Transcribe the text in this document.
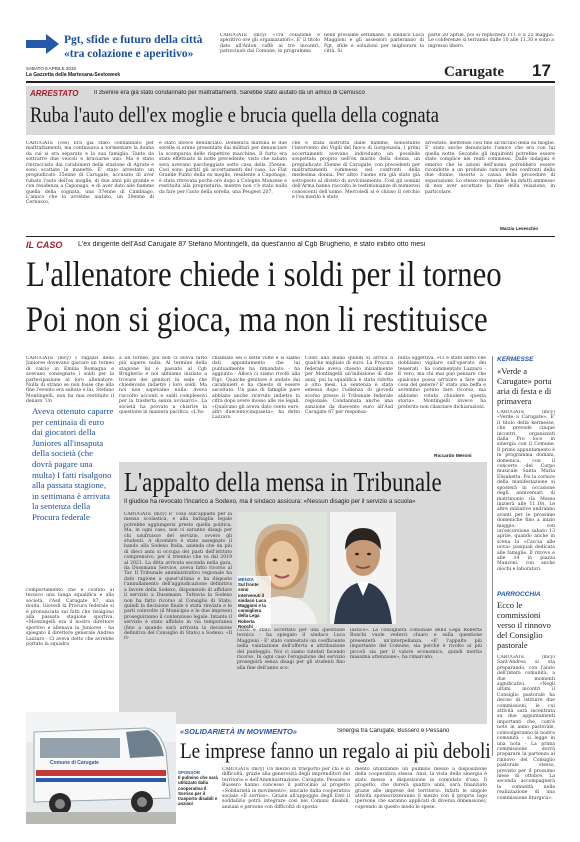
Pgt, sfide e futuro della città
«tra colazione e aperitivo»
CARUGATE (mcy) «Tra colazione e aperitivo ore gli organizzatori». E' il titolo dato all'Anton caffè ai tre incontri, patrocinati dal Comune, in programma
nelle prossime settimane. Il sindaco Luca Maggioni e gli assessori parleranno di Pgt, sfide e soluzioni per migliorare la città. Si
parte 20 aprile, poi si replicherà l'11 e il 25 maggio. Le conferenze si terranno dalle 10 alle 11.30 e sono a ingresso libero.
SABATO 6 APRILE 2019
La Gazzetta della Martesana-Sestoweek	Carugate 17
ARRESTATO	Il 35enne era già stato condannato per maltrattamenti. Sarebbe stato aiutato da un amico di Cernusco
Ruba l'auto dell'ex moglie e brucia quella della cognata
CARUGATE (ces) Era già stato condannato per maltrattamenti, ma continuava a tormentare la donna da cui si era separato e la sua famiglia. Tanto da sottrarre due veicoli e bruciarne uno. Ma è stato rintracciato dai carabinieri della stazione di Agrate e sono scattate le manette. E' stato arrestato un pregiudicato 35enne di Carugate, accusato di aver rubato l'auto dell'ex moglie, di due anni più grande e con residenza a Caponago, e di aver dato alle fiamme quella della cognata, una 37enne di Cambiago. L'amico che lo avrebbe aiutato, un 30enne di Cernusco,
è stato invece denunciato. Domenica mattina le due sorelle si erano presentate dai militari per denunciare la scomparsa delle rispettive macchine. Il furto era stato effettuato la notte precedente, visto che sabato sera avevano parcheggiato sotto casa della 35enne. Così sono partiti gli accertamenti del caso. La Fiat Grande Punto della ex moglie, residente a Caponago, è stata ritrovata poche ore dopo a Cologno Monzese e restituita alla proprietaria, mentre non c'è stato nulla da fare per l'auto della sorella, una Peugeot 207,
che è stata distrutta dalle fiamme, nonostante l'intervento dei Vigili del fuoco di Gorgonzola. I primi accertamenti avevano individuato un possibile sospettato proprio nell'ex marito della donna, un pregiudicato 35enne di Carugate, con precedenti per maltrattamenti commessi nel confronti della medesima donna. Per altro l'uomo era già stato già sottoposto al divieto di avvicinamento. Così gli uomini dell'Arma hanno raccolto le testimonianze di numerosi conoscenti dell'uomo. Mercoledì si è chiuso il cerchio e l'ex marito è stato
arrestato, mettendo così fine all'incubo della ex moglie. E' stato anche denunciato l'amico che era con lui quella notte. Secondo gli inquirenti potrebbe essere stato complice nei reati commessi. Dalle indagini è emerso che le azioni dell'uomo potrebbero essere ricondotte a un profondo rancore nei confronti della due donne, insorto a causa delle procedure di separazione. Lo stesso responsabile ha infatti ammesso di non aver accettato la fine della relazione, in particolare.
Marzia Leveschio
IL CASO L'ex dirigente dell'Asd Carugate 87 Stefano Montingelli, da quest'anno al Cgb Brugherio, è stato inibito otto mesi
L'allenatore chiede i soldi per il torneo
Poi non si gioca, ma non li restituisce
CARUGATE (mcy) I ragazzi della Juniores dovevano giocare un torneo di calcio in Emilia Romagna e avevano consegnato i soldi per la partecipazione al loro allenatore. Nulla di strano se non fosse che alla fine l'evento era saltato e lui, Stefano Montingelli, non ha mai restituito il denaro. Un
Aveva ottenuto caparre per centinaia di euro dai giocatori della Juniores all'insaputa della società (che dovrà pagare una multa) I fatti risalgono alla passata stagione, in settimana è arrivata la sentenza della Procura federale
comportamento che è costato al tecnico una lunga squalifica e alla società, l'Asd Carugate 87, una multa. Giovedì la Procura federale si è pronunciata sui fatti che risalgono alla passata stagione sportiva. «Montingelli era il nostro direttore sportivo e allenava la Juniores - ha spiegato il direttore generale Andrea Lazzaro - Ci aveva detto che avrebbe portato la squadra
a un torneo, poi non ci aveva fatto più sapere nulla. Al termine della stagione lui è passato al Cgb Brugherio e noi abbiamo iniziato a trovare dei genitori in sede che chiedevano indietro i loro soldi. Ma noi non sapevamo nulla. Aveva raccolto acconti e saldi complessivi per la trasferta senza avvisarci». La società ha provato a chiarire la questione in maniera pacifica. «L'ho
chiamato sei o sette volte e si siamo dati appuntamento che lui puntualmente ha rimandato - ha aggiunto - Allora ci siamo rivolti alla Figc. Qualche genitore è andato dai carabinieri e ha chiesto di essere ascoltato. Un paio di famiglie pare abbiano anche ricevuto indietro la cifra dopo avere mosso alle vie legali. «Qualcuno gli aveva dato cento euro, altri duecentocinquanta», ha detto Lazzaro.
Conti alla mano quindi si arriva a qualche migliaio di euro. La Procura federale aveva chiesto inizialmente per Montingelli un'inibizione di due anni, poi la squalifica è stata ridotta a otto mesi. La sentenza è stata emessa dopo l'udienza di giovedì scorso presso il Tribunale federale regionale. Condannata anche una sanzione da duecento euro all'Asd Carugate 87 per responsa-
bilità oggettiva. «Ci è stato detto che dobbiamo vigilare sull'operato dei tesserati - ha commentato Lazzaro - E vero, ma chi mai può pensare che qualcuno possa arrivare a fare una cosa del genere? E' stata una beffa e avremmo potuto fare ricorso, ma abbiamo voluto chiudere questa storia». Montingelli invece ha preferito non rilasciare dichiarazioni.
Riccardo Meroni
KERMESSE
«Verde a Carugate» porta aria di festa e di primavera
CARUGATE (mcy) «Verde a Carugate». E' il titolo della kermesse, che prevede cinque incontri, organizzati dalla Pro loco in sinergia con il Comune. Il primo appuntamento è in programma domani, domenica, con il concerto del Corpo musicale Santa Maria Elisabetta. Poi la cornice della manifestazione si sposterà in occasione degli anniversari di matrimonio (la Messa inizierà alle 11.10). Le altre iniziative andranno avanti per le prossime domeniche fino a inizio maggio, con un'escursione sabato 13 aprile, quando anche in scena la «Caccia alle uova» pasquali dedicata alle famiglie. Il ritrovo è alle 14 in piazza Manzoni, con anche giochi e laboratori.
PARROCCHIA
Ecco le commissioni verso il rinnovo del Consiglio pastorale
CARUGATE (mcy) Sant'Andrea si sta preparando, con l'aiuto dell'intera comunità, a due momenti significativi. «Negli ultimi incontri il Consiglio pastorale ha deciso di istituire due commissioni, le cui attività sarà incentrata su due appuntamenti importanti che, com'è noto in anno pastorale, coinvolgeranno la nostra comunità - si legge in una nota - La prima commissione dovrà preparare la partenza al rinnovo del Consiglio pastorale stesso, previsto per il prossimo mese di ottobre. La seconda accompagnerà la comunità nella realizzazione di una commissione liturgica».
L'appalto della mensa in Tribunale
Il giudice ha revocato l'incarico a Sodexo, ma il sindaco assicura: «Nessun disagio per il servizio a scuola»
CARUGATE (mcy) E' cosa sull'appalto per la mensa scolastica, e alla battaglia legale potrebbe aggiungersi presto quella politica. Ma, in ogni caso, non ci saranno disagi per chi usufruisce del servizio, ovvero gli studenti. A dicembre è stato assegnato il bando alla Sodexo Italia, azienda che da più di dieci anni si occupa dei pasti dell'istituto comprensivo, per il triennio che va dal 2019 al 2021. La ditta arrivata seconda nella gara, da Dussmann Service, aveva fatto ricorso al Tar. Il Tribunale amministrativo regionale ha dato ragione a quest'ultima e ha disposto l'annullamento dell'aggiudicazione definitiva a favore della Sodexo, disponendo di affidare il servizio a Dussmann. Tuttavia la Sodexo non ha fatto ricorso al Consiglio di Stato, quindi la decisione finale è stata rinviata e le parti coinvolte (il Municipio e le due imprese) proseguiranno il contenzioso legale. Intanto il servizio è stato affidato in via temporanea (fino a quando sarà arrivata la decisione definitiva del Consiglio di Stato) a Sodexo. «Il ri-
MENSA
Sul fronte sono intervenuti il sindaco Luca Maggioni e la consigliera della Lega Roberta Ronchi
corso è stato accettato per una questione tecnica - ha spiegato il sindaco Luca Maggioni - E' stato contestato un coefficiente nella valutazione dell'offerta e attribuzione del punteggio. Noi ci siamo tutelati facendo ricorso. In ogni caso l'erogazione del servizio proseguirà senza disagi per gli studenti fino alla fine dell'anno sco-
lastico». La consigliera comunale della Lega Roberta Ronchi vuole vederci chiaro e sulla questione presenterà un'interpellanza. «E' l'appalto più importante del Comune, sia perché è rivolto ai più piccoli sia per il valore economico, quindi merita massima attenzione», ha rimarcato.
«SOLIDARIETÀ IN MOVIMENTO»	Sinergia tra Carugate, Bussero e Pessano
Le imprese fanno un regalo ai più deboli
Comune di Carugate
SPONSOR
Il pulmino che sarà utilizzato dalla cooperativa Il Sorriso per il trasporto disabili e anziani
CARUGATE (mcy) Un mezzo di trasporto per chi è in difficoltà, grazie alla generosità degli imprenditori del territorio e dell'Amministrazione. Carugate, Pessano e Bussero hanno concesso il patrocinio al progetto «Solidarietà in movimento», lanciato dalla cooperativa sociale «Il sorriso». Grazie all'appoggio degli Enti il soddalizio potrà integrare così nei Comuni disabili, anziani e persone con difficoltà di sposta-
mento utilizzando un pulmino messo a disposizione della cooperativa stessa. Anzi, la vista della sinergia è stato messo a disposizione in comodato d'uso. Il progetto, che durerà quattro anni, sarà finanziato grazie alle imprese del territorio. Infatti le singole attività sponsorizzeranno il mezzo con il proprio logo (persone che saranno applicati di diversa dimensione), coprendo in questo modo le spese.
